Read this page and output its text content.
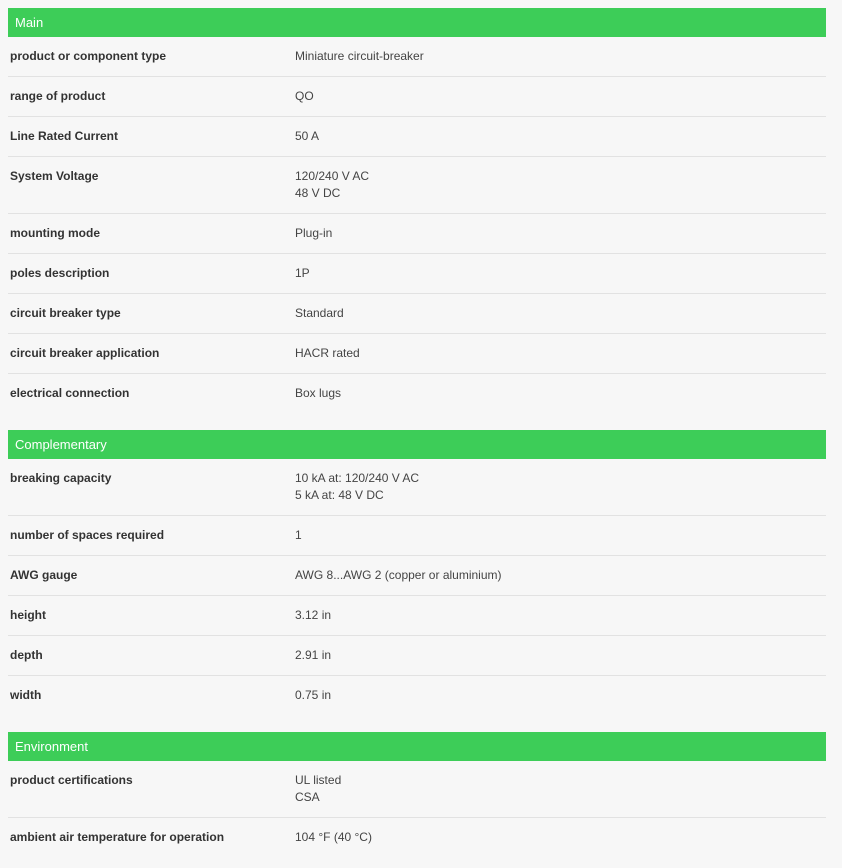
Main
product or component type	Miniature circuit-breaker
range of product	QO
Line Rated Current	50 A
System Voltage	120/240 V AC
48 V DC
mounting mode	Plug-in
poles description	1P
circuit breaker type	Standard
circuit breaker application	HACR rated
electrical connection	Box lugs
Complementary
breaking capacity	10 kA at: 120/240 V AC
5 kA at: 48 V DC
number of spaces required	1
AWG gauge	AWG 8...AWG 2 (copper or aluminium)
height	3.12 in
depth	2.91 in
width	0.75 in
Environment
product certifications	UL listed
CSA
ambient air temperature for operation	104 °F (40 °C)
